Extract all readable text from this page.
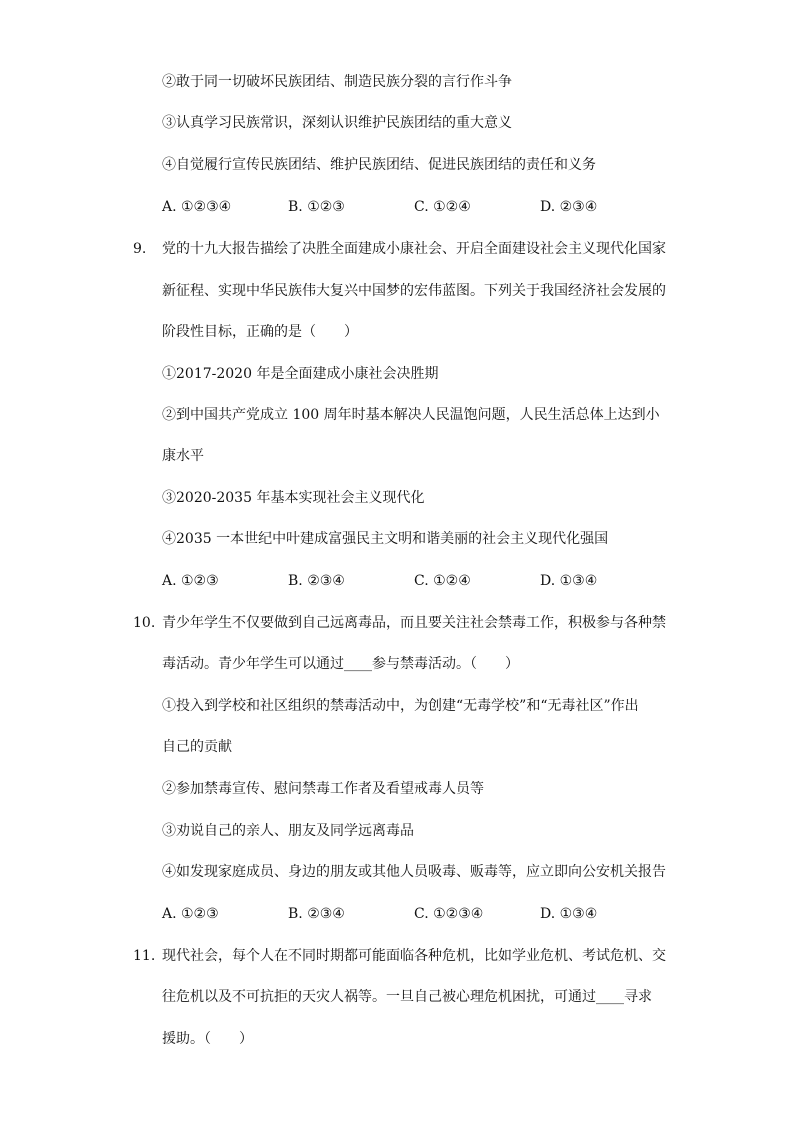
②敢于同一切破坏民族团结、制造民族分裂的言行作斗争
③认真学习民族常识，深刻认识维护民族团结的重大意义
④自觉履行宣传民族团结、维护民族团结、促进民族团结的责任和义务
A. ①②③④	B. ①②③	C. ①②④	D. ②③④
9. 党的十九大报告描绘了决胜全面建成小康社会、开启全面建设社会主义现代化国家
新征程、实现中华民族伟大复兴中国梦的宏伟蓝图。下列关于我国经济社会发展的
阶段性目标，正确的是（　　）
①2017-2020 年是全面建成小康社会决胜期
②到中国共产党成立 100 周年时基本解决人民温饱问题，人民生活总体上达到小
康水平
③2020-2035 年基本实现社会主义现代化
④2035 一本世纪中叶建成富强民主文明和谐美丽的社会主义现代化强国
A. ①②③	B. ②③④	C. ①②④	D. ①③④
10. 青少年学生不仅要做到自己远离毒品，而且要关注社会禁毒工作，积极参与各种禁
毒活动。青少年学生可以通过____参与禁毒活动。（　　）
①投入到学校和社区组织的禁毒活动中，为创建“无毒学校”和“无毒社区”作出
自己的贡献
②参加禁毒宣传、慰问禁毒工作者及看望戒毒人员等
③劝说自己的亲人、朋友及同学远离毒品
④如发现家庭成员、身边的朋友或其他人员吸毒、贩毒等，应立即向公安机关报告
A. ①②③	B. ②③④	C. ①②③④	D. ①③④
11. 现代社会，每个人在不同时期都可能面临各种危机，比如学业危机、考试危机、交
往危机以及不可抗拒的天灾人祸等。一旦自己被心理危机困扰，可通过____寻求
援助。（　　）
